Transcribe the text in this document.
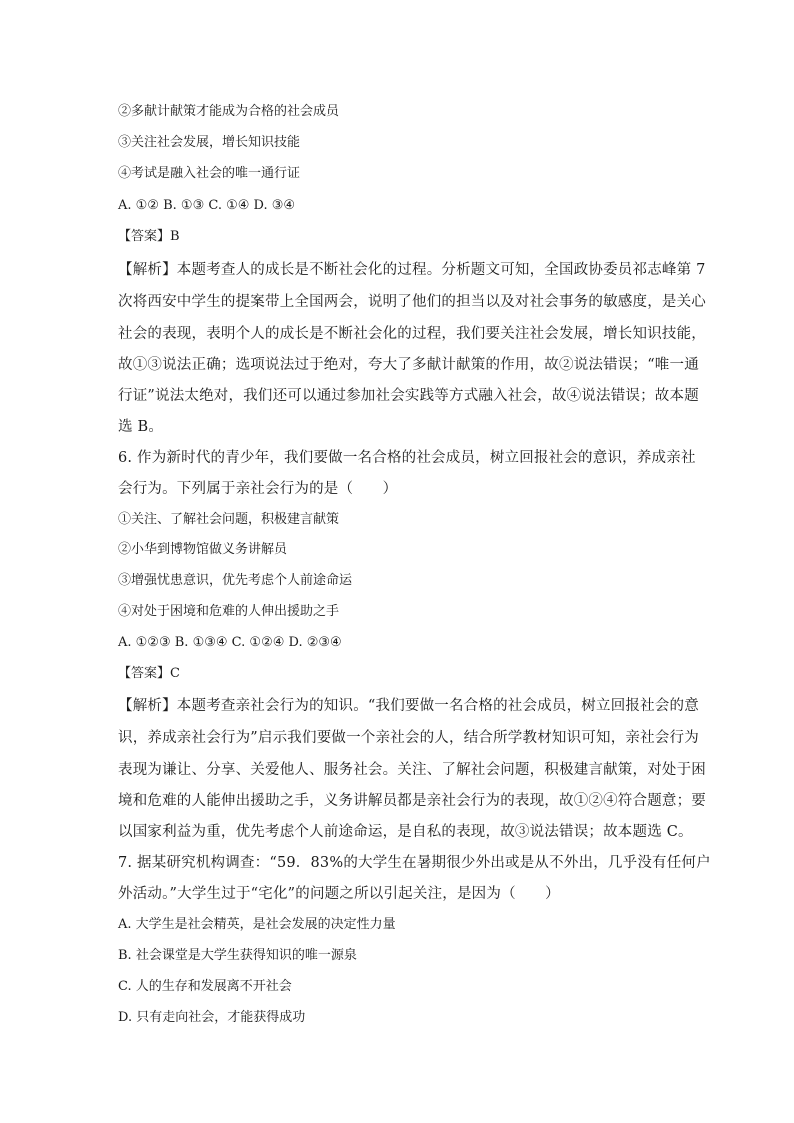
②多献计献策才能成为合格的社会成员
③关注社会发展，增长知识技能
④考试是融入社会的唯一通行证
A. ①② B. ①③ C. ①④ D. ③④
【答案】B
【解析】本题考查人的成长是不断社会化的过程。分析题文可知，全国政协委员祁志峰第 7
次将西安中学生的提案带上全国两会，说明了他们的担当以及对社会事务的敏感度，是关心
社会的表现，表明个人的成长是不断社会化的过程，我们要关注社会发展，增长知识技能，
故①③说法正确；选项说法过于绝对，夸大了多献计献策的作用，故②说法错误；“唯一通
行证”说法太绝对，我们还可以通过参加社会实践等方式融入社会，故④说法错误；故本题
选 B。
6. 作为新时代的青少年，我们要做一名合格的社会成员，树立回报社会的意识，养成亲社
会行为。下列属于亲社会行为的是（　　）
①关注、了解社会问题，积极建言献策
②小华到博物馆做义务讲解员
③增强忧患意识，优先考虑个人前途命运
④对处于困境和危难的人伸出援助之手
A. ①②③ B. ①③④ C. ①②④ D. ②③④
【答案】C
【解析】本题考查亲社会行为的知识。“我们要做一名合格的社会成员，树立回报社会的意
识，养成亲社会行为”启示我们要做一个亲社会的人，结合所学教材知识可知，亲社会行为
表现为谦让、分享、关爱他人、服务社会。关注、了解社会问题，积极建言献策，对处于困
境和危难的人能伸出援助之手，义务讲解员都是亲社会行为的表现，故①②④符合题意；要
以国家利益为重，优先考虑个人前途命运，是自私的表现，故③说法错误；故本题选 C。
7. 据某研究机构调查：“59．83%的大学生在暑期很少外出或是从不外出，几乎没有任何户
外活动。”大学生过于“宅化”的问题之所以引起关注，是因为（　　）
A. 大学生是社会精英，是社会发展的决定性力量
B. 社会课堂是大学生获得知识的唯一源泉
C. 人的生存和发展离不开社会
D. 只有走向社会，才能获得成功
